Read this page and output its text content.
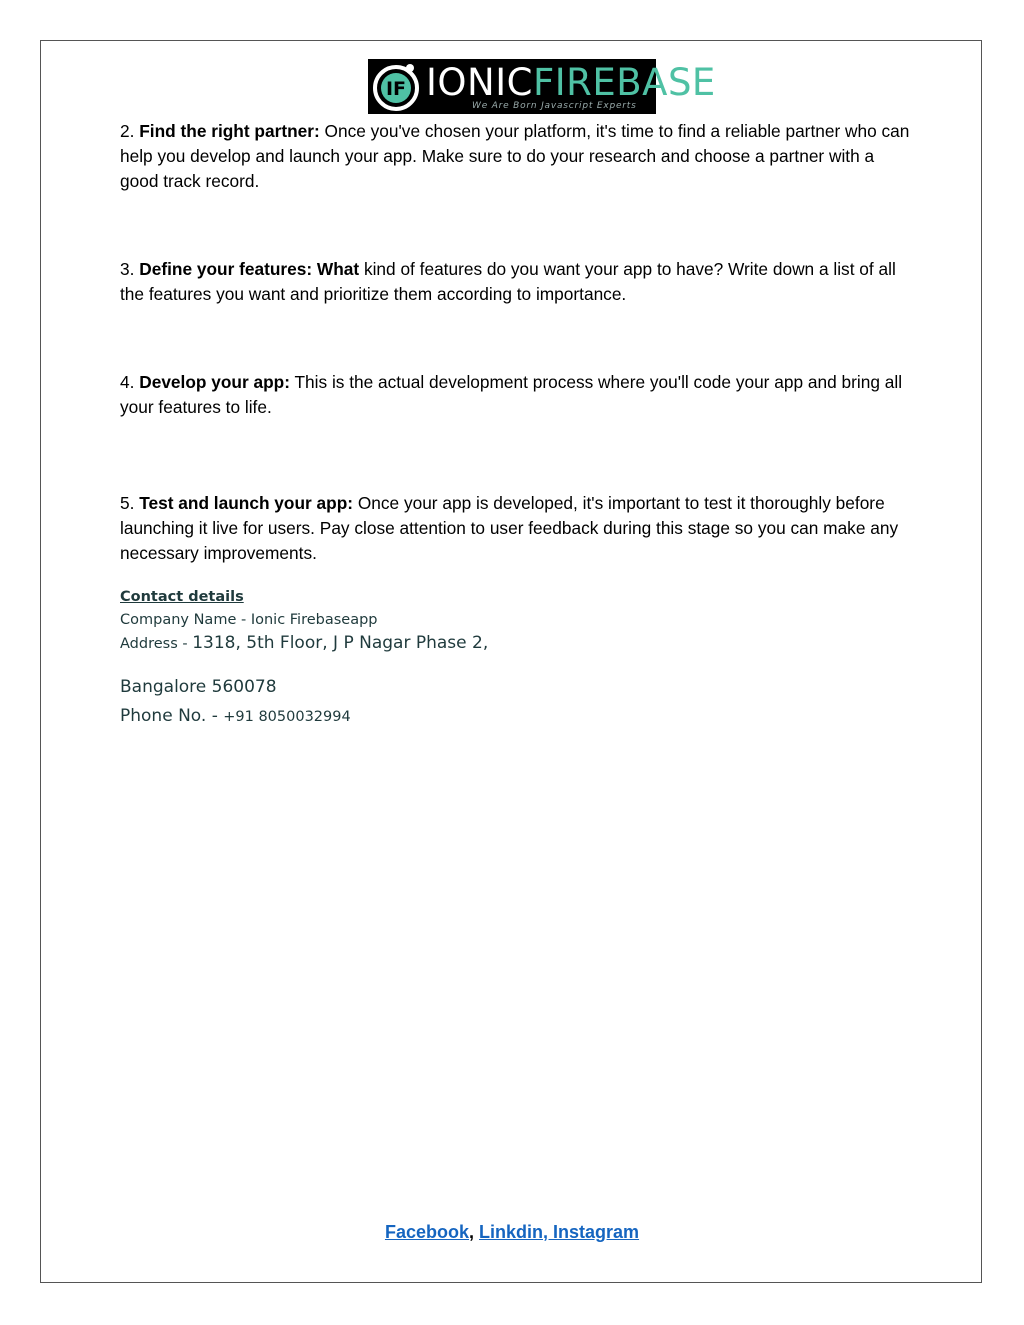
IF IONICFIREBASE
We Are Born Javascript Experts

2. Find the right partner: Once you've chosen your platform, it's time to find a reliable partner who can help you develop and launch your app. Make sure to do your research and choose a partner with a good track record.

3. Define your features: What kind of features do you want your app to have? Write down a list of all the features you want and prioritize them according to importance.

4. Develop your app: This is the actual development process where you'll code your app and bring all your features to life.

5. Test and launch your app: Once your app is developed, it's important to test it thoroughly before launching it live for users. Pay close attention to user feedback during this stage so you can make any necessary improvements.

Contact details
Company Name - Ionic Firebaseapp
Address - 1318, 5th Floor, J P Nagar Phase 2,
Bangalore 560078
Phone No. - +91 8050032994
Facebook, Linkdin, Instagram
